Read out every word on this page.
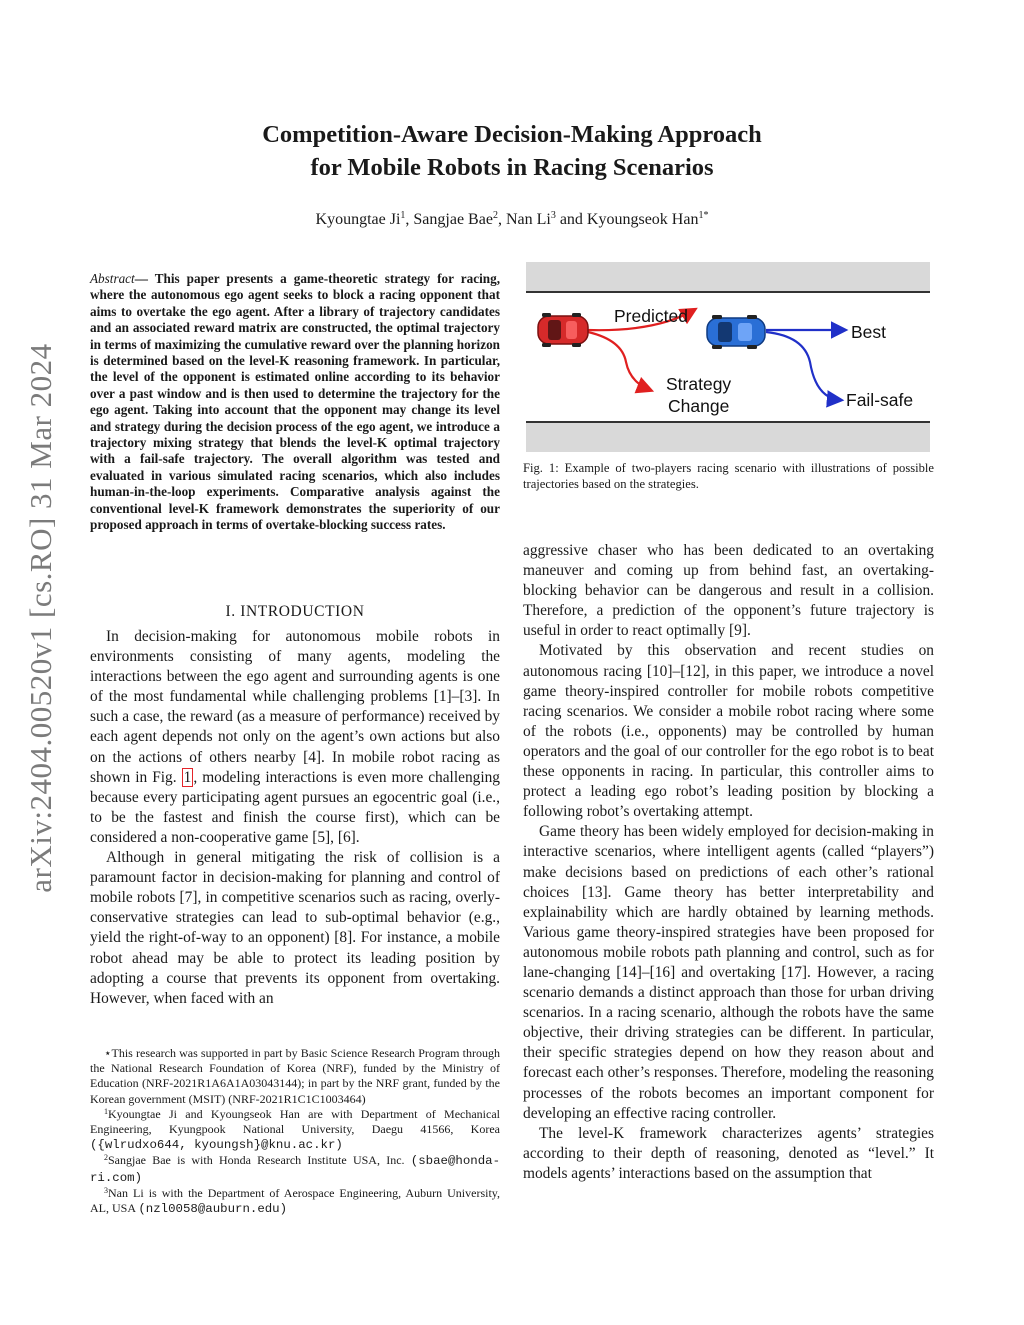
Competition-Aware Decision-Making Approach
for Mobile Robots in Racing Scenarios
Kyoungtae Ji$^1$, Sangjae Bae$^2$, Nan Li$^3$ and Kyoungseok Han$^{1*}$
arXiv:2404.00520v1 [cs.RO] 31 Mar 2024
Abstract— This paper presents a game-theoretic strategy for racing, where the autonomous ego agent seeks to block a racing opponent that aims to overtake the ego agent. After a library of trajectory candidates and an associated reward matrix are constructed, the optimal trajectory in terms of maximizing the cumulative reward over the planning horizon is determined based on the level-K reasoning framework. In particular, the level of the opponent is estimated online according to its behavior over a past window and is then used to determine the trajectory for the ego agent. Taking into account that the opponent may change its level and strategy during the decision process of the ego agent, we introduce a trajectory mixing strategy that blends the level-K optimal trajectory with a fail-safe trajectory. The overall algorithm was tested and evaluated in various simulated racing scenarios, which also includes human-in-the-loop experiments. Comparative analysis against the conventional level-K framework demonstrates the superiority of our proposed approach in terms of overtake-blocking success rates.
I. INTRODUCTION

In decision-making for autonomous mobile robots in environments consisting of many agents, modeling the interactions between the ego agent and surrounding agents is one of the most fundamental while challenging problems [1]–[3]. In such a case, the reward (as a measure of performance) received by each agent depends not only on the agent’s own actions but also on the actions of others nearby [4]. In mobile robot racing as shown in Fig. 1 , modeling interactions is even more challenging because every participating agent pursues an egocentric goal (i.e., to be the fastest and finish the course first), which can be considered a non-cooperative game [5], [6].

Although in general mitigating the risk of collision is a paramount factor in decision-making for planning and control of mobile robots [7], in competitive scenarios such as racing, overly-conservative strategies can lead to sub-optimal behavior (e.g., yield the right-of-way to an opponent) [8]. For instance, a mobile robot ahead may be able to protect its leading position by adopting a course that prevents its opponent from overtaking. However, when faced with an

⋆This research was supported in part by Basic Science Research Program through the National Research Foundation of Korea (NRF), funded by the Ministry of Education (NRF-2021R1A6A1A03043144); in part by the NRF grant, funded by the Korean government (MSIT) (NRF-2021R1C1C1003464)

$^1$Kyoungtae Ji and Kyoungseok Han are with Department of Mechanical Engineering, Kyungpook National University, Daegu 41566, Korea ({wlrudxo644, kyoungsh}@knu.ac.kr)

$^2$Sangjae Bae is with Honda Research Institute USA, Inc. (sbae@honda-ri.com)

$^3$Nan Li is with the Department of Aerospace Engineering, Auburn University, AL, USA (nzl0058@auburn.edu)

Predicted
Strategy
Change
Best
Fail-safe
Fig. 1: Example of two-players racing scenario with illustrations of possible trajectories based on the strategies.

aggressive chaser who has been dedicated to an overtaking maneuver and coming up from behind fast, an overtaking-blocking behavior can be dangerous and result in a collision. Therefore, a prediction of the opponent’s future trajectory is useful in order to react optimally [9].

Motivated by this observation and recent studies on autonomous racing [10]–[12], in this paper, we introduce a novel game theory-inspired controller for mobile robots competitive racing scenarios. We consider a mobile robot racing where some of the robots (i.e., opponents) may be controlled by human operators and the goal of our controller for the ego robot is to beat these opponents in racing. In particular, this controller aims to protect a leading ego robot’s leading position by blocking a following robot’s overtaking attempt.

Game theory has been widely employed for decision-making in interactive scenarios, where intelligent agents (called “players”) make decisions based on predictions of each other’s rational choices [13]. Game theory has better interpretability and explainability which are hardly obtained by learning methods. Various game theory-inspired strategies have been proposed for autonomous mobile robots path planning and control, such as for lane-changing [14]–[16] and overtaking [17]. However, a racing scenario demands a distinct approach than those for urban driving scenarios. In a racing scenario, although the robots have the same objective, their driving strategies can be different. In particular, their specific strategies depend on how they reason about and forecast each other’s responses. Therefore, modeling the reasoning processes of the robots becomes an important component for developing an effective racing controller.

The level-K framework characterizes agents’ strategies according to their depth of reasoning, denoted as “level.” It models agents’ interactions based on the assumption that
